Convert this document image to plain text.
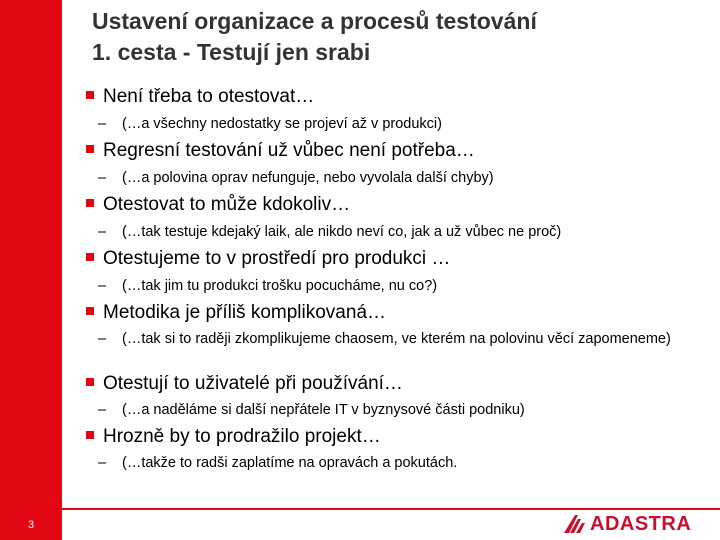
Ustavení organizace a procesů testování
1. cesta - Testují jen srabi
Není třeba to otestovat…
– (…a všechny nedostatky se projeví až v produkci)
Regresní testování už vůbec není potřeba…
– (…a polovina oprav nefunguje, nebo vyvolala další chyby)
Otestovat to může kdokoliv…
– (…tak testuje kdejaký laik, ale nikdo neví co, jak a už vůbec ne proč)
Otestujeme to v prostředí pro produkci …
– (…tak jim tu produkci trošku pocucháme, nu co?)
Metodika je příliš komplikovaná…
– (…tak si to raději zkomplikujeme chaosem, ve kterém na polovinu věcí zapomeneme)
Otestují to uživatelé při používání…
– (…a naděláme si další nepřátele IT v byznysové části podniku)
Hrozně by to prodražilo projekt…
– (…takže to radši zaplatíme na opravách a pokutách.
3	ADASTRA
